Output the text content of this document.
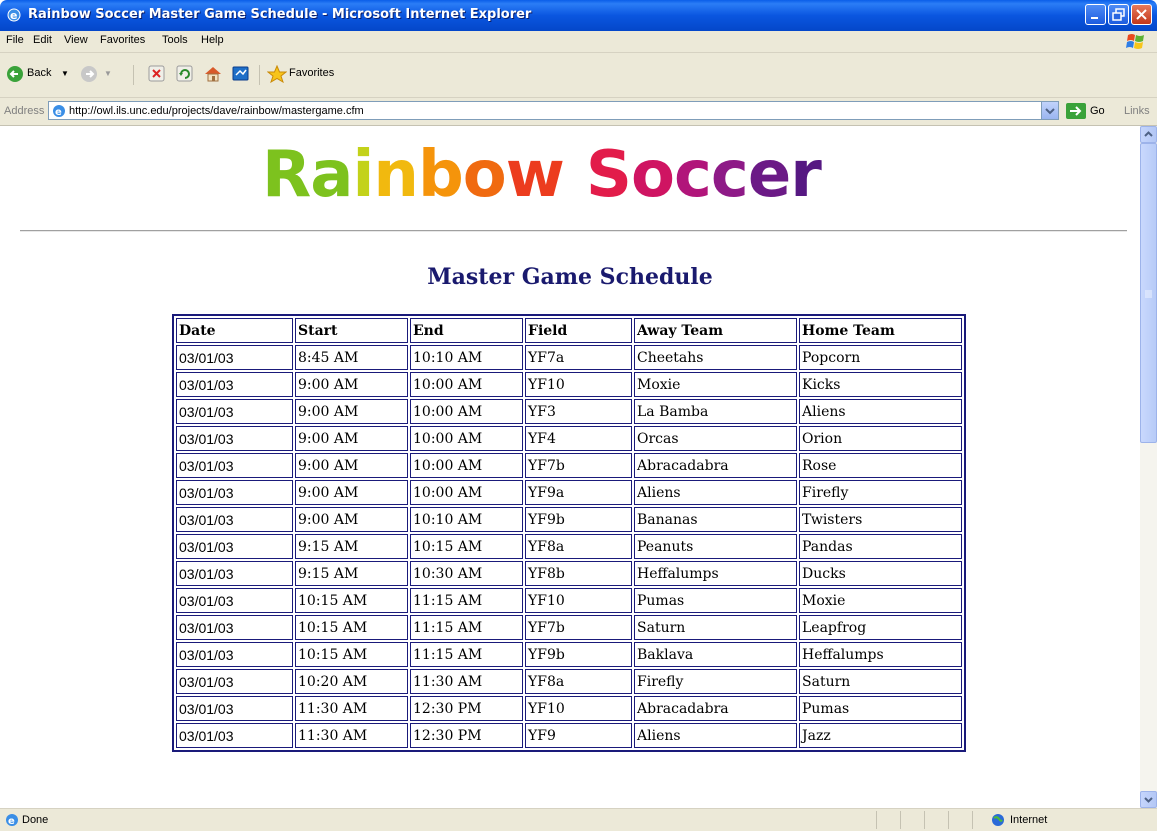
e Rainbow Soccer Master Game Schedule - Microsoft Internet Explorer
File Edit View Favorites Tools Help
Back ▼	▼	Favorites
Address e http://owl.ils.unc.edu/projects/dave/rainbow/mastergame.cfm	Go Links
Rainbow Soccer
Master Game Schedule
Date	Start	End	Field	Away Team	Home Team
03/01/03	8:45 AM	10:10 AM	YF7a	Cheetahs	Popcorn
03/01/03	9:00 AM	10:00 AM	YF10	Moxie	Kicks
03/01/03	9:00 AM	10:00 AM	YF3	La Bamba	Aliens
03/01/03	9:00 AM	10:00 AM	YF4	Orcas	Orion
03/01/03	9:00 AM	10:00 AM	YF7b	Abracadabra	Rose
03/01/03	9:00 AM	10:00 AM	YF9a	Aliens	Firefly
03/01/03	9:00 AM	10:10 AM	YF9b	Bananas	Twisters
03/01/03	9:15 AM	10:15 AM	YF8a	Peanuts	Pandas
03/01/03	9:15 AM	10:30 AM	YF8b	Heffalumps	Ducks
03/01/03	10:15 AM	11:15 AM	YF10	Pumas	Moxie
03/01/03	10:15 AM	11:15 AM	YF7b	Saturn	Leapfrog
03/01/03	10:15 AM	11:15 AM	YF9b	Baklava	Heffalumps
03/01/03	10:20 AM	11:30 AM	YF8a	Firefly	Saturn
03/01/03	11:30 AM	12:30 PM	YF10	Abracadabra	Pumas
03/01/03	11:30 AM	12:30 PM	YF9	Aliens	Jazz
e Done	Internet
